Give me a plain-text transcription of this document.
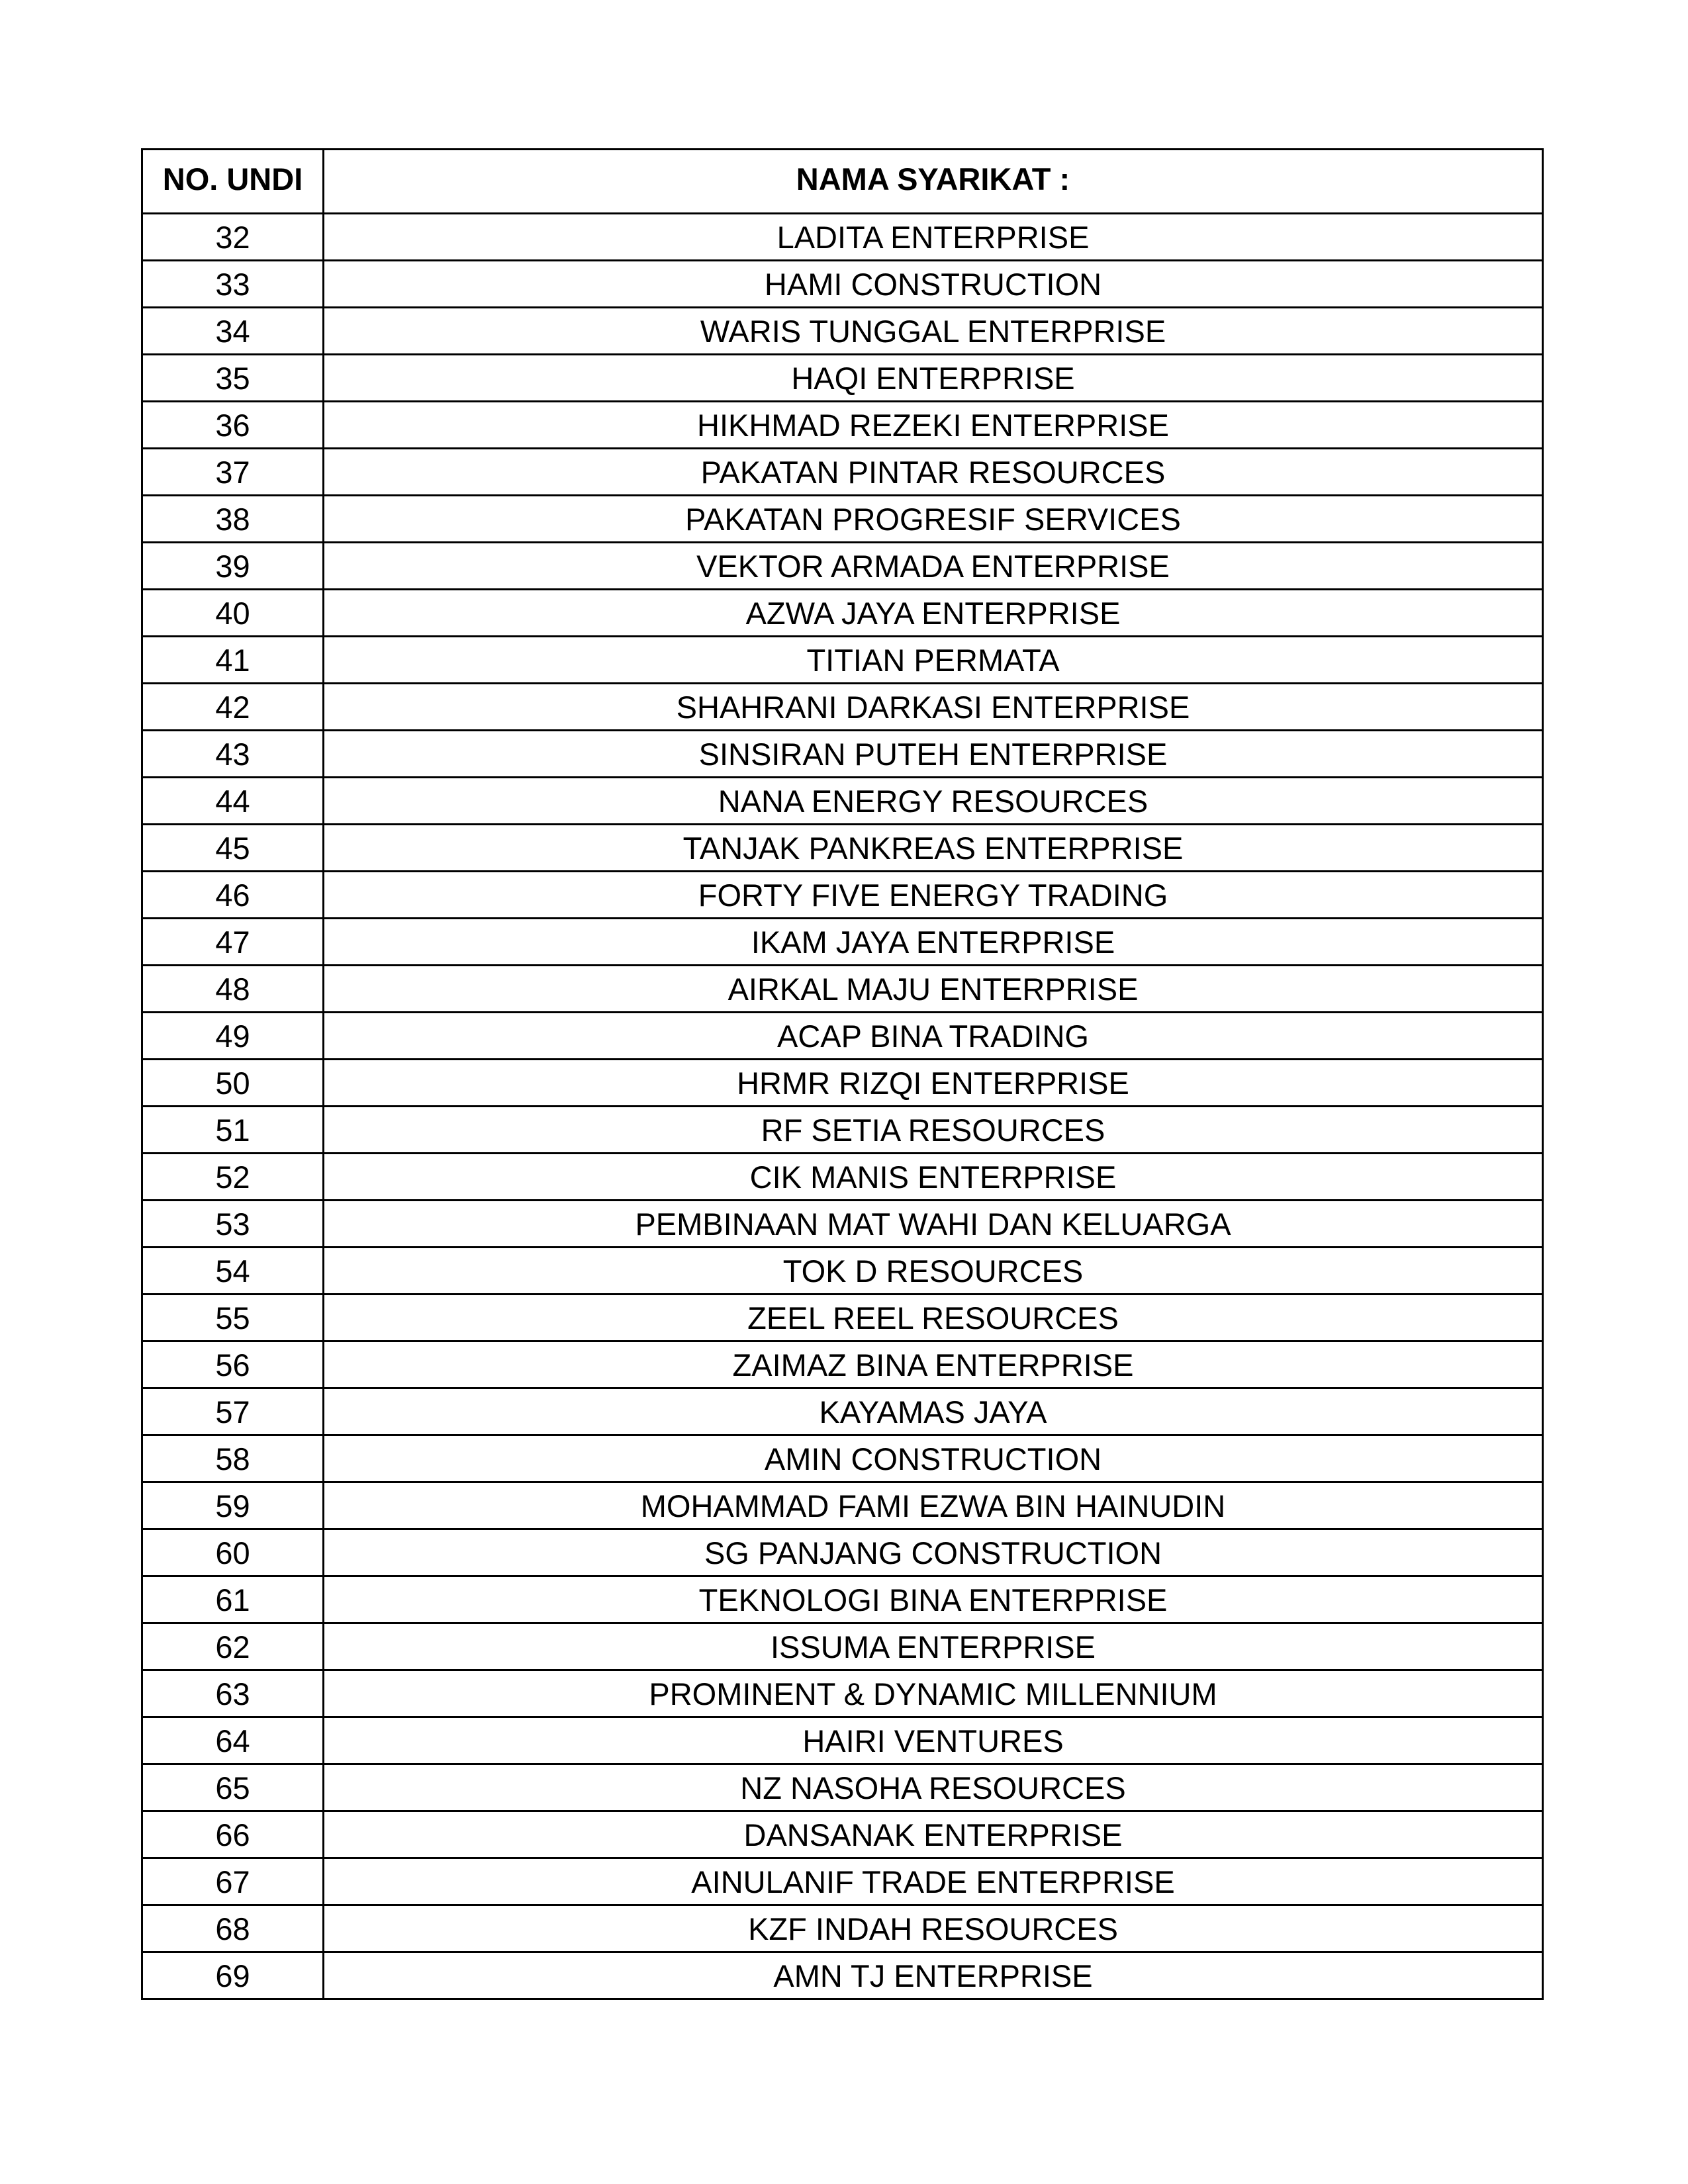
NO. UNDI	NAMA SYARIKAT :
32	LADITA ENTERPRISE
33	HAMI CONSTRUCTION
34	WARIS TUNGGAL ENTERPRISE
35	HAQI ENTERPRISE
36	HIKHMAD REZEKI ENTERPRISE
37	PAKATAN PINTAR RESOURCES
38	PAKATAN PROGRESIF SERVICES
39	VEKTOR ARMADA ENTERPRISE
40	AZWA JAYA ENTERPRISE
41	TITIAN PERMATA
42	SHAHRANI DARKASI ENTERPRISE
43	SINSIRAN PUTEH ENTERPRISE
44	NANA ENERGY RESOURCES
45	TANJAK PANKREAS ENTERPRISE
46	FORTY FIVE ENERGY TRADING
47	IKAM JAYA ENTERPRISE
48	AIRKAL MAJU ENTERPRISE
49	ACAP BINA TRADING
50	HRMR RIZQI ENTERPRISE
51	RF SETIA RESOURCES
52	CIK MANIS ENTERPRISE
53	PEMBINAAN MAT WAHI DAN KELUARGA
54	TOK D RESOURCES
55	ZEEL REEL RESOURCES
56	ZAIMAZ BINA ENTERPRISE
57	KAYAMAS JAYA
58	AMIN CONSTRUCTION
59	MOHAMMAD FAMI EZWA BIN HAINUDIN
60	SG PANJANG CONSTRUCTION
61	TEKNOLOGI BINA ENTERPRISE
62	ISSUMA ENTERPRISE
63	PROMINENT & DYNAMIC MILLENNIUM
64	HAIRI VENTURES
65	NZ NASOHA RESOURCES
66	DANSANAK ENTERPRISE
67	AINULANIF TRADE ENTERPRISE
68	KZF INDAH RESOURCES
69	AMN TJ ENTERPRISE
